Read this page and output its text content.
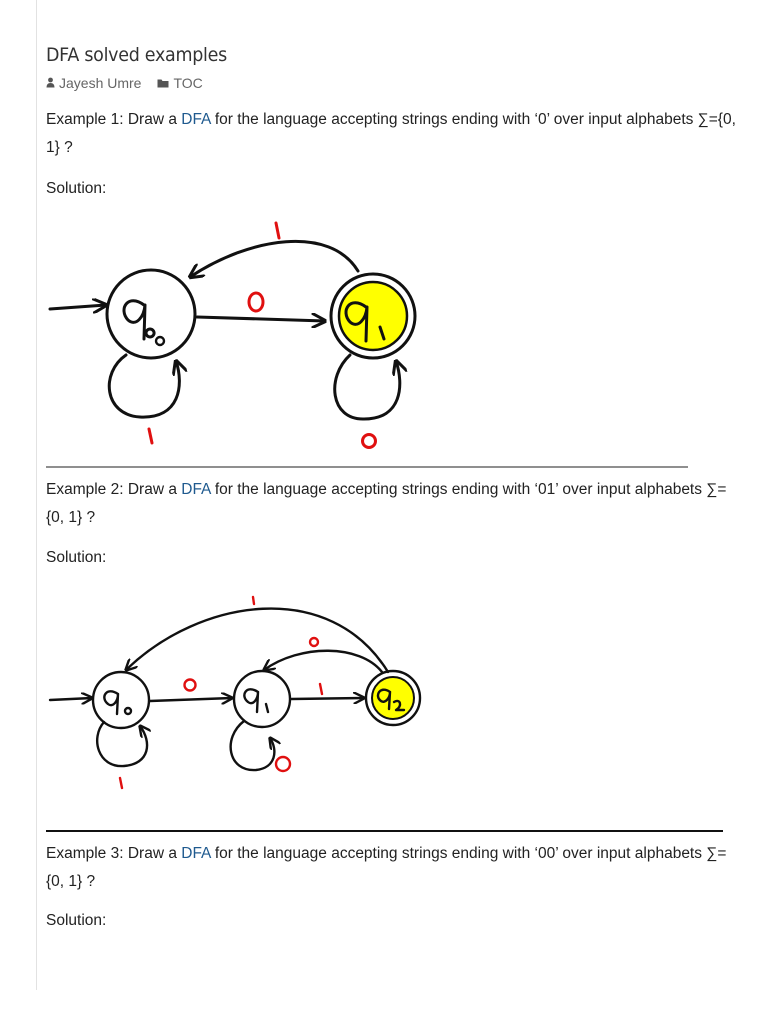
DFA solved examples
Jayesh Umre TOC

Example 1: Draw a DFA for the language accepting strings ending with ‘0’ over input alphabets ∑={0, 1} ?

Solution:

Example 2: Draw a DFA for the language accepting strings ending with ‘01’ over input alphabets ∑={0, 1} ?

Solution:

Example 3: Draw a DFA for the language accepting strings ending with ‘00’ over input alphabets ∑={0, 1} ?

Solution:
